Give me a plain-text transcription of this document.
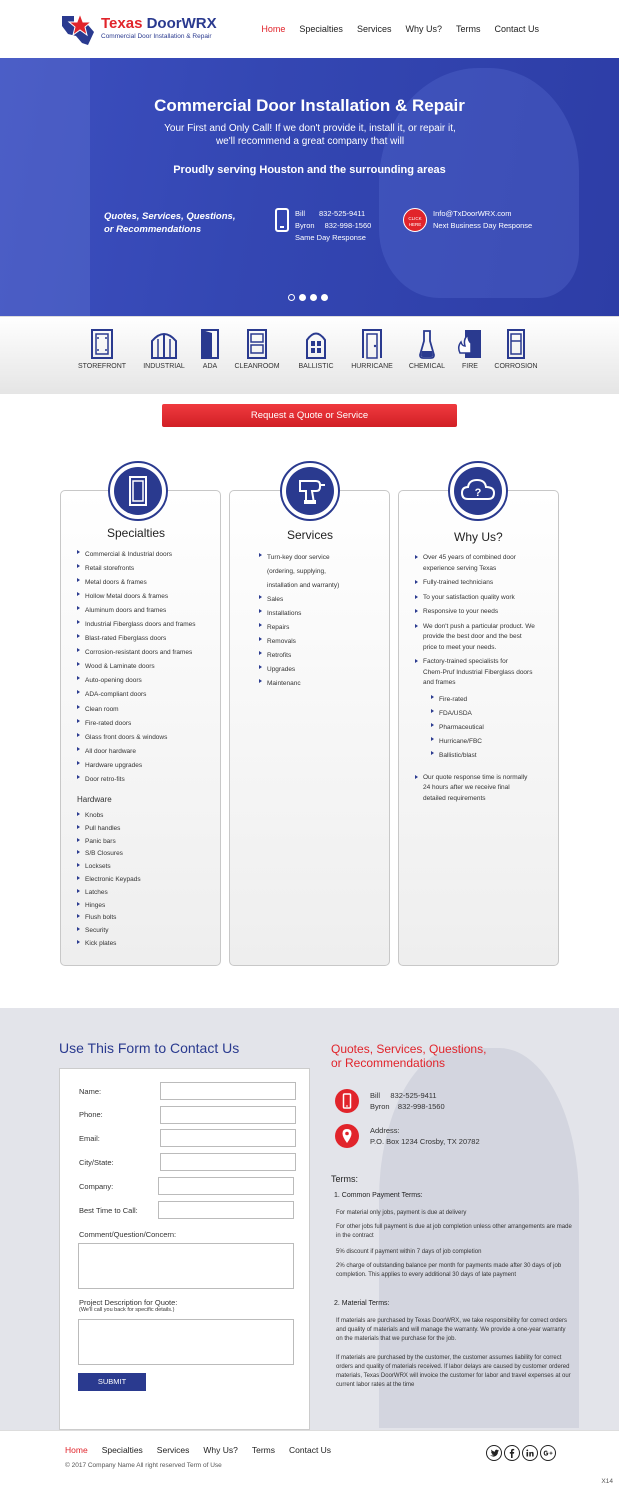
Texas DoorWRX
Commercial Door Installation & Repair
Home Specialties Services Why Us? Terms Contact Us
Commercial Door Installation & Repair
Your First and Only Call! If we don't provide it, install it, or repair it,
we'll recommend a great company that will
Proudly serving Houston and the surrounding areas
Quotes, Services, Questions,
or Recommendations
Bill 832-525-9411
Byron 832-998-1560
Same Day Response
CLICK
HERE
Info@TxDoorWRX.com
Next Business Day Response
STOREFRONT	INDUSTRIAL	ADA	CLEANROOM	BALLISTIC	HURRICANE	CHEMICAL	FIRE	CORROSION
Request a Quote or Service
Specialties
Commercial & Industrial doors
Retail storefronts
Metal doors & frames
Hollow Metal doors & frames
Aluminum doors and frames
Industrial Fiberglass doors and frames
Blast-rated Fiberglass doors
Corrosion-resistant doors and frames
Wood & Laminate doors
Auto-opening doors
ADA-compliant doors
Clean room
Fire-rated doors
Glass front doors & windows
All door hardware
Hardware upgrades
Door retro-fits
Hardware
Knobs
Pull handles
Panic bars
S/B Closures
Locksets
Electronic Keypads
Latches
Hinges
Flush bolts
Security
Kick plates
Services
Turn-key door service
(ordering, supplying,
installation and warranty)
Sales
Installations
Repairs
Removals
Retrofits
Upgrades
Maintenanc
?
Why Us?
Over 45 years of combined door
experience serving Texas
Fully-trained technicians
To your satisfaction quality work
Responsive to your needs
We don't push a particular product. We
provide the best door and the best
price to meet your needs.
Factory-trained specialists for
Chem-Pruf Industrial Fiberglass doors
and frames
Fire-rated
FDA/USDA
Pharmaceutical
Hurricane/FBC
Ballistic/blast
Our quote response time is normally
24 hours after we receive final
detailed requirements
Use This Form to Contact Us
Name:
Phone:
Email:
City/State:
Company:
Best Time to Call:
Comment/Question/Concern:
Project Description for Quote:
(We'll call you back for specific details.)
SUBMIT
Quotes, Services, Questions,
or Recommendations
Bill     832-525-9411
Byron    832-998-1560
Address:
P.O. Box 1234 Crosby, TX 20782
Terms:
1. Common Payment Terms:
For material only jobs, payment is due at delivery
For other jobs full payment is due at job completion unless other arrangements are made in the contract
5% discount if payment within 7 days of job completion
2% charge of outstanding balance per month for payments made after 30 days of job completion. This applies to every additional 30 days of late payment
2. Material Terms:
If materials are purchased by Texas DoorWRX, we take responsibility for correct orders and quality of materials and will manage the warranty. We provide a one-year warranty on the materials that we purchase for the job.
If materials are purchased by the customer, the customer assumes liability for correct orders and quality of materials received. If labor delays are caused by customer ordered materials, Texas DoorWRX will invoice the customer for labor and travel expenses at our current labor rates at the time
Home Specialties Services Why Us? Terms Contact Us
© 2017 Company Name All right reserved Term of Use
X14
